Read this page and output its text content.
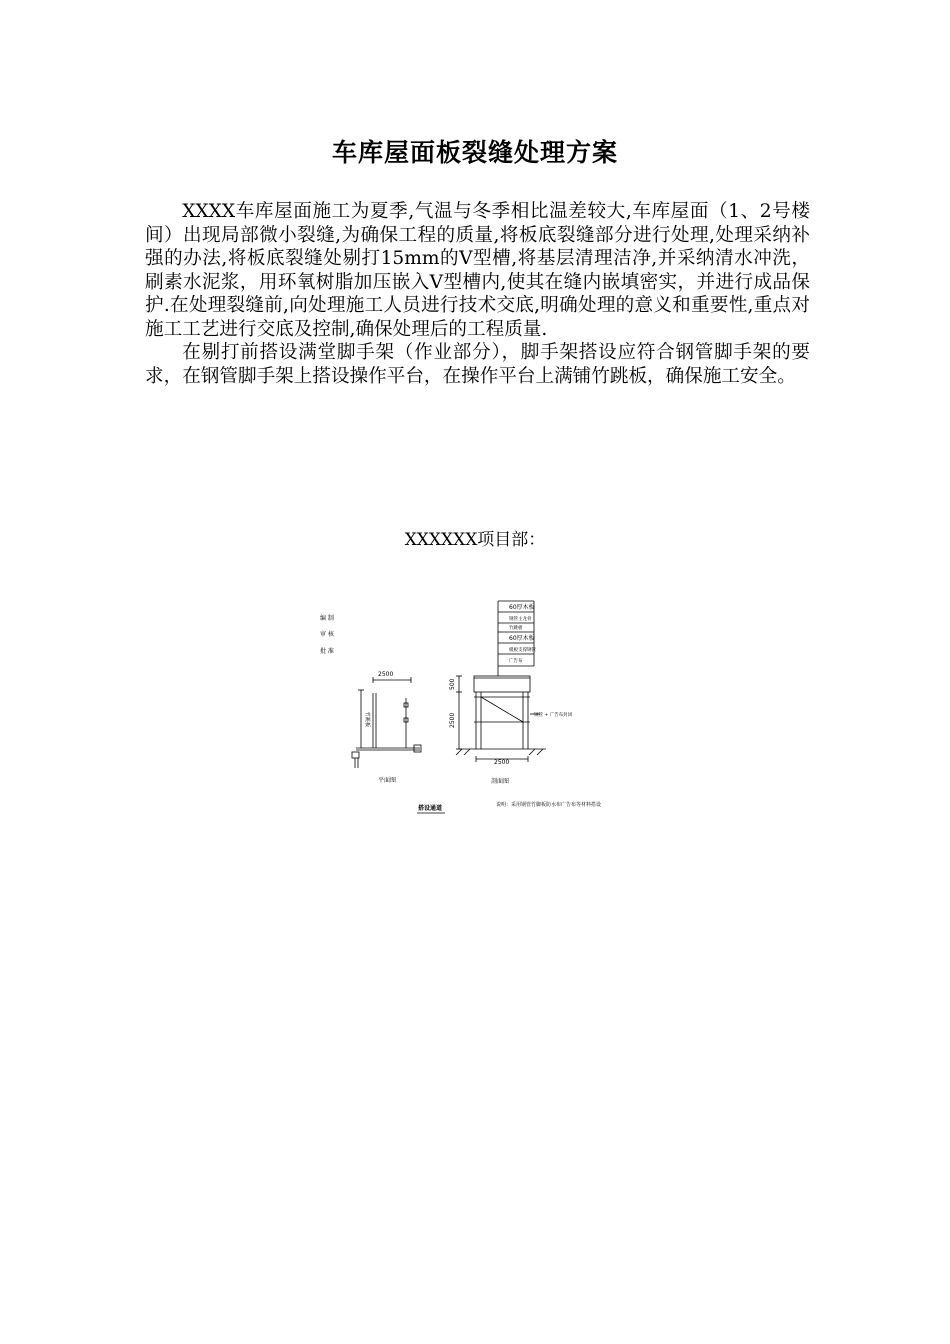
车库屋面板裂缝处理方案

XXXX车库屋面施工为夏季,气温与冬季相比温差较大,车库屋面（1、2号楼间）出现局部微小裂缝,为确保工程的质量,将板底裂缝部分进行处理,处理采纳补强的办法,将板底裂缝处剔打15mm的V型槽,将基层清理洁净,并采纳清水冲洗，刷素水泥浆，用环氧树脂加压嵌入V型槽内,使其在缝内嵌填密实，并进行成品保护.在处理裂缝前,向处理施工人员进行技术交底,明确处理的意义和重要性,重点对施工工艺进行交底及控制,确保处理后的工程质量.

在剔打前搭设满堂脚手架（作业部分），脚手架搭设应符合钢管脚手架的要求，在钢管脚手架上搭设操作平台，在操作平台上满铺竹跳板，确保施工安全。

XXXXXX项目部：
编 制
审 核
批 准
2500
竹跳板
平面图
60厚木板
钢管主龙骨
竹跳板
60厚木板
模板支撑钢管
广告布
500
2500
2500
钢管 + 广告布封闭
剖面图
搭设通道	说明：采用钢管竹脚板防水布广告布等材料搭设
